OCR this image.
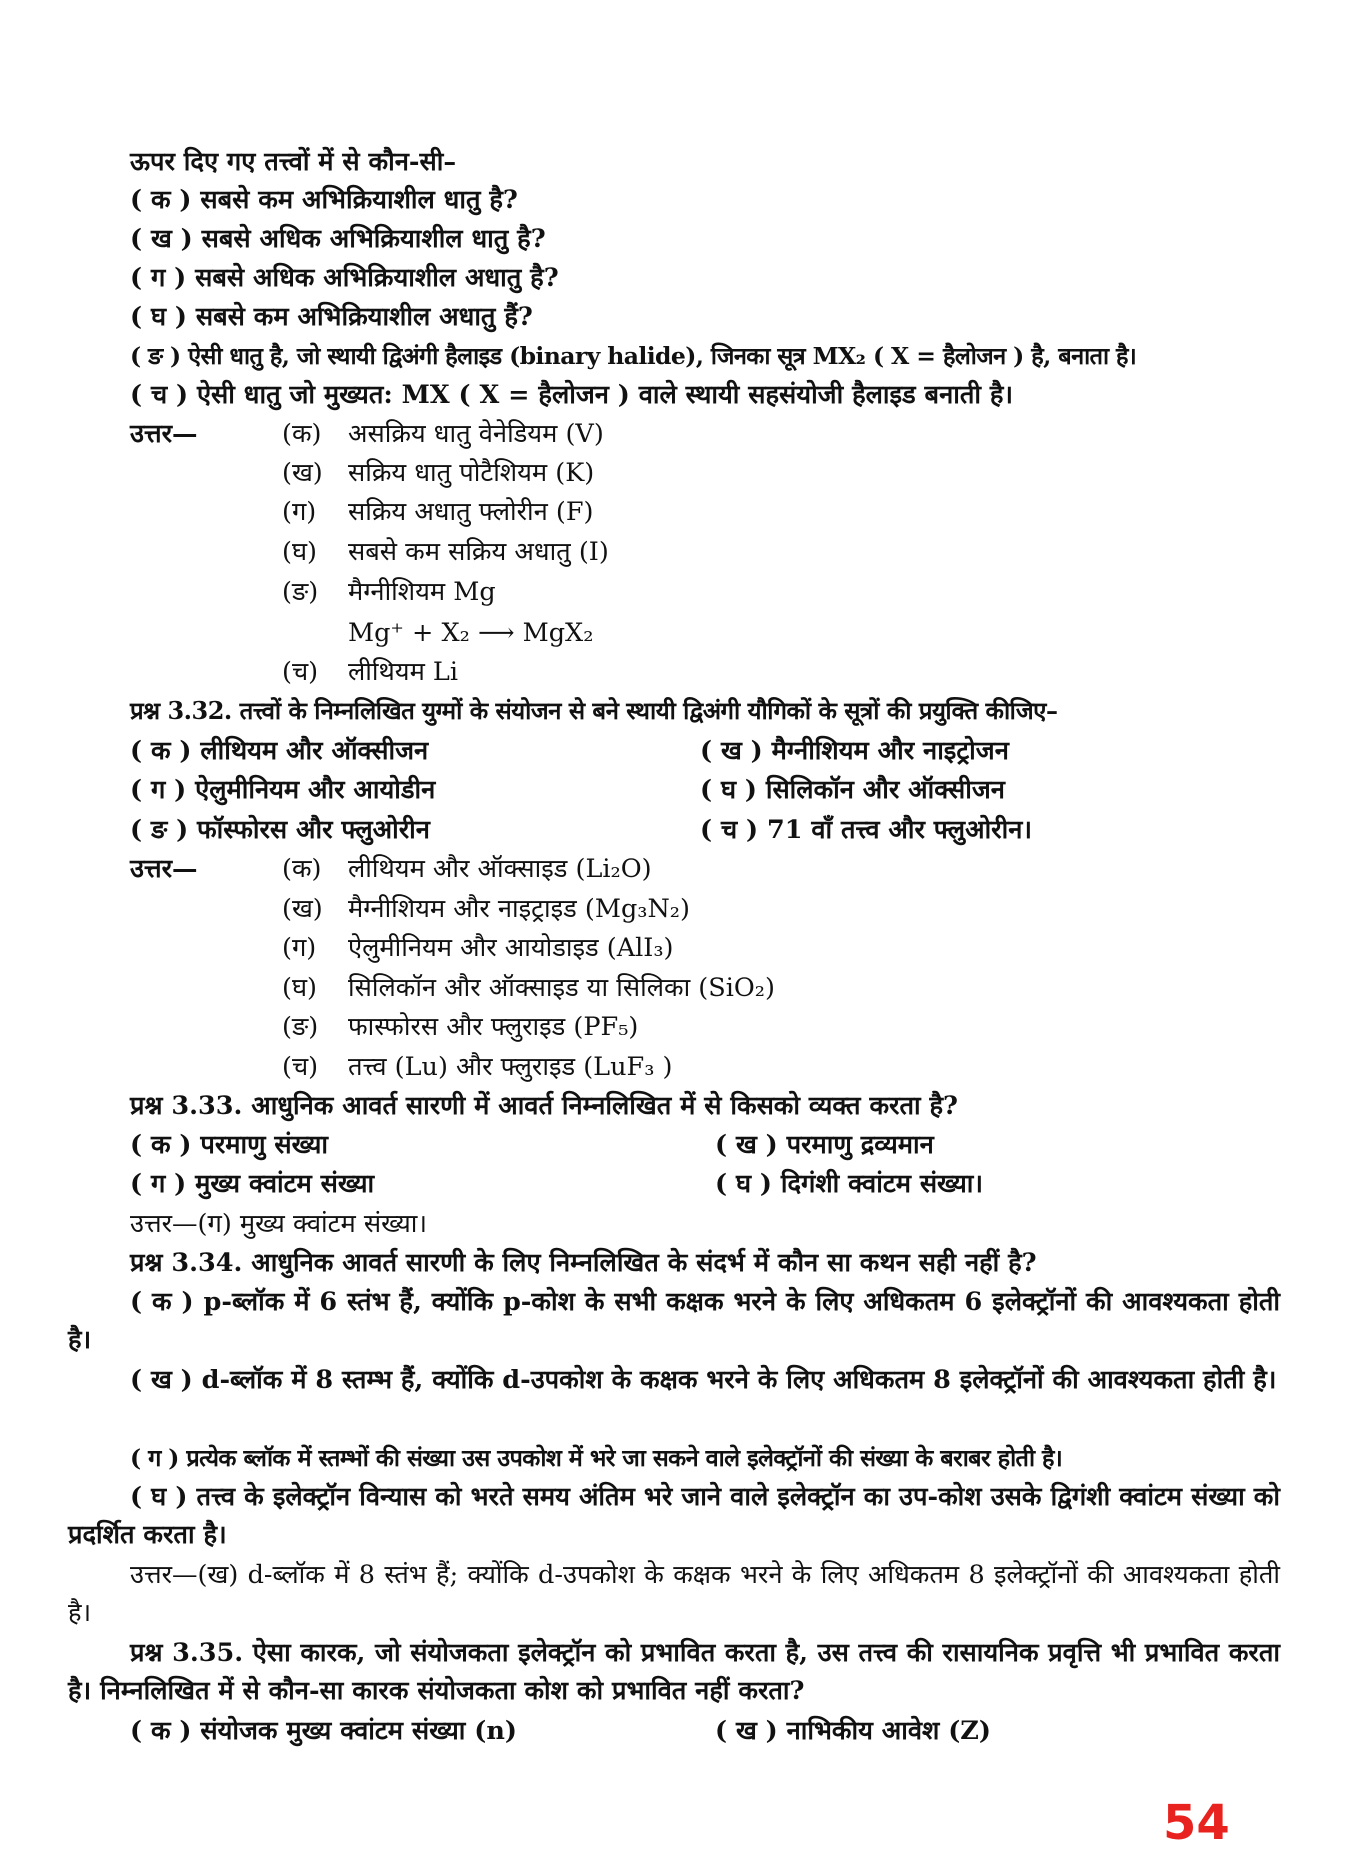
ऊपर दिए गए तत्त्वों में से कौन-सी–
( क ) सबसे कम अभिक्रियाशील धातु है?
( ख ) सबसे अधिक अभिक्रियाशील धातु है?
( ग ) सबसे अधिक अभिक्रियाशील अधातु है?
( घ ) सबसे कम अभिक्रियाशील अधातु हैं?
( ङ ) ऐसी धातु है, जो स्थायी द्विअंगी हैलाइड (binary halide), जिनका सूत्र MX₂ ( X = हैलोजन ) है, बनाता है।
( च ) ऐसी धातु जो मुख्यत: MX ( X = हैलोजन ) वाले स्थायी सहसंयोजी हैलाइड बनाती है।
उत्तर—	(क) असक्रिय धातु वेनेडियम (V)
(ख) सक्रिय धातु पोटैशियम (K)
(ग) सक्रिय अधातु फ्लोरीन (F)
(घ) सबसे कम सक्रिय अधातु (I)
(ङ) मैग्नीशियम Mg
Mg⁺ + X₂ ⟶ MgX₂
(च) लीथियम Li
प्रश्न 3.32. तत्त्वों के निम्नलिखित युग्मों के संयोजन से बने स्थायी द्विअंगी यौगिकों के सूत्रों की प्रयुक्ति कीजिए–
( क ) लीथियम और ऑक्सीजन	( ख ) मैग्नीशियम और नाइट्रोजन
( ग ) ऐलुमीनियम और आयोडीन	( घ ) सिलिकॉन और ऑक्सीजन
( ङ ) फॉस्फोरस और फ्लुओरीन	( च ) 71 वाँ तत्त्व और फ्लुओरीन।
उत्तर—	(क) लीथियम और ऑक्साइड (Li₂O)
(ख) मैग्नीशियम और नाइट्राइड (Mg₃N₂)
(ग) ऐलुमीनियम और आयोडाइड (AlI₃)
(घ) सिलिकॉन और ऑक्साइड या सिलिका (SiO₂)
(ङ) फास्फोरस और फ्लुराइड (PF₅)
(च) तत्त्व (Lu) और फ्लुराइड (LuF₃ )
प्रश्न 3.33. आधुनिक आवर्त सारणी में आवर्त निम्नलिखित में से किसको व्यक्त करता है?
( क ) परमाणु संख्या	( ख ) परमाणु द्रव्यमान
( ग ) मुख्य क्वांटम संख्या	( घ ) दिगंशी क्वांटम संख्या।
उत्तर—(ग) मुख्य क्वांटम संख्या।
प्रश्न 3.34. आधुनिक आवर्त सारणी के लिए निम्नलिखित के संदर्भ में कौन सा कथन सही नहीं है?
( क ) p-ब्लॉक में 6 स्तंभ हैं, क्योंकि p-कोश के सभी कक्षक भरने के लिए अधिकतम 6 इलेक्ट्रॉनों की आवश्यकता होती है।
( ख ) d-ब्लॉक में 8 स्तम्भ हैं, क्योंकि d-उपकोश के कक्षक भरने के लिए अधिकतम 8 इलेक्ट्रॉनों की आवश्यकता होती है।
( ग ) प्रत्येक ब्लॉक में स्तम्भों की संख्या उस उपकोश में भरे जा सकने वाले इलेक्ट्रॉनों की संख्या के बराबर होती है।
( घ ) तत्त्व के इलेक्ट्रॉन विन्यास को भरते समय अंतिम भरे जाने वाले इलेक्ट्रॉन का उप-कोश उसके द्विगंशी क्वांटम संख्या को प्रदर्शित करता है।
उत्तर—(ख) d-ब्लॉक में 8 स्तंभ हैं; क्योंकि d-उपकोश के कक्षक भरने के लिए अधिकतम 8 इलेक्ट्रॉनों की आवश्यकता होती है।
प्रश्न 3.35. ऐसा कारक, जो संयोजकता इलेक्ट्रॉन को प्रभावित करता है, उस तत्त्व की रासायनिक प्रवृत्ति भी प्रभावित करता है। निम्नलिखित में से कौन-सा कारक संयोजकता कोश को प्रभावित नहीं करता?
( क ) संयोजक मुख्य क्वांटम संख्या (n)	( ख ) नाभिकीय आवेश (Z)
54
